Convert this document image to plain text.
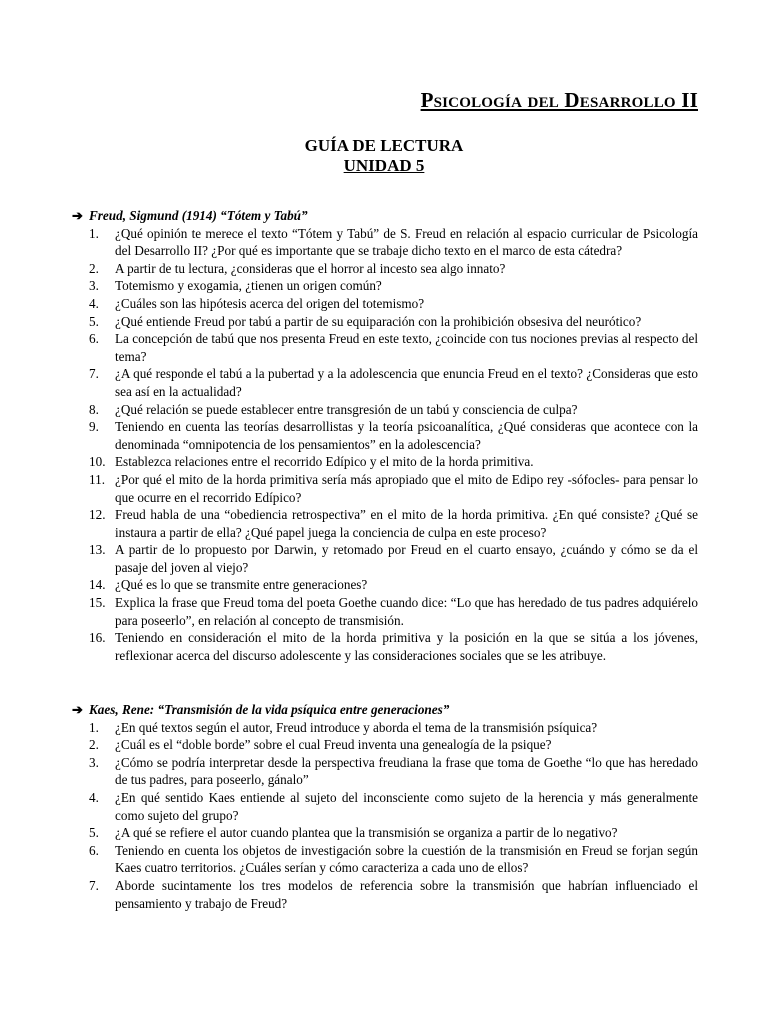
Psicología del Desarrollo II
GUÍA DE LECTURA
UNIDAD 5

➔ Freud, Sigmund (1914) “Tótem y Tabú”

1.	¿Qué opinión te merece el texto “Tótem y Tabú” de S. Freud en relación al espacio curricular de Psicología del Desarrollo II? ¿Por qué es importante que se trabaje dicho texto en el marco de esta cátedra?
2.	A partir de tu lectura, ¿consideras que el horror al incesto sea algo innato?
3.	Totemismo y exogamia, ¿tienen un origen común?
4.	¿Cuáles son las hipótesis acerca del origen del totemismo?
5.	¿Qué entiende Freud por tabú a partir de su equiparación con la prohibición obsesiva del neurótico?
6.	La concepción de tabú que nos presenta Freud en este texto, ¿coincide con tus nociones previas al respecto del tema?
7.	¿A qué responde el tabú a la pubertad y a la adolescencia que enuncia Freud en el texto? ¿Consideras que esto sea así en la actualidad?
8.	¿Qué relación se puede establecer entre transgresión de un tabú y consciencia de culpa?
9.	Teniendo en cuenta las teorías desarrollistas y la teoría psicoanalítica, ¿Qué consideras que acontece con la denominada “omnipotencia de los pensamientos” en la adolescencia?
10. Establezca relaciones entre el recorrido Edípico y el mito de la horda primitiva.
11. ¿Por qué el mito de la horda primitiva sería más apropiado que el mito de Edipo rey -sófocles- para pensar lo que ocurre en el recorrido Edípico?
12. Freud habla de una “obediencia retrospectiva” en el mito de la horda primitiva. ¿En qué consiste? ¿Qué se instaura a partir de ella? ¿Qué papel juega la conciencia de culpa en este proceso?
13. A partir de lo propuesto por Darwin, y retomado por Freud en el cuarto ensayo, ¿cuándo y cómo se da el pasaje del joven al viejo?
14. ¿Qué es lo que se transmite entre generaciones?
15. Explica la frase que Freud toma del poeta Goethe cuando dice: “Lo que has heredado de tus padres adquiérelo para poseerlo”, en relación al concepto de transmisión.
16. Teniendo en consideración el mito de la horda primitiva y la posición en la que se sitúa a los jóvenes, reflexionar acerca del discurso adolescente y las consideraciones sociales que se les atribuye.

➔ Kaes, Rene: “Transmisión de la vida psíquica entre generaciones”

1.	¿En qué textos según el autor, Freud introduce y aborda el tema de la transmisión psíquica?
2.	¿Cuál es el “doble borde” sobre el cual Freud inventa una genealogía de la psique?
3.	¿Cómo se podría interpretar desde la perspectiva freudiana la frase que toma de Goethe “lo que has heredado de tus padres, para poseerlo, gánalo”
4.	¿En qué sentido Kaes entiende al sujeto del inconsciente como sujeto de la herencia y más generalmente como sujeto del grupo?
5.	¿A qué se refiere el autor cuando plantea que la transmisión se organiza a partir de lo negativo?
6.	Teniendo en cuenta los objetos de investigación sobre la cuestión de la transmisión en Freud se forjan según Kaes cuatro territorios. ¿Cuáles serían y cómo caracteriza a cada uno de ellos?
7.	Aborde sucintamente los tres modelos de referencia sobre la transmisión que habrían influenciado el pensamiento y trabajo de Freud?
